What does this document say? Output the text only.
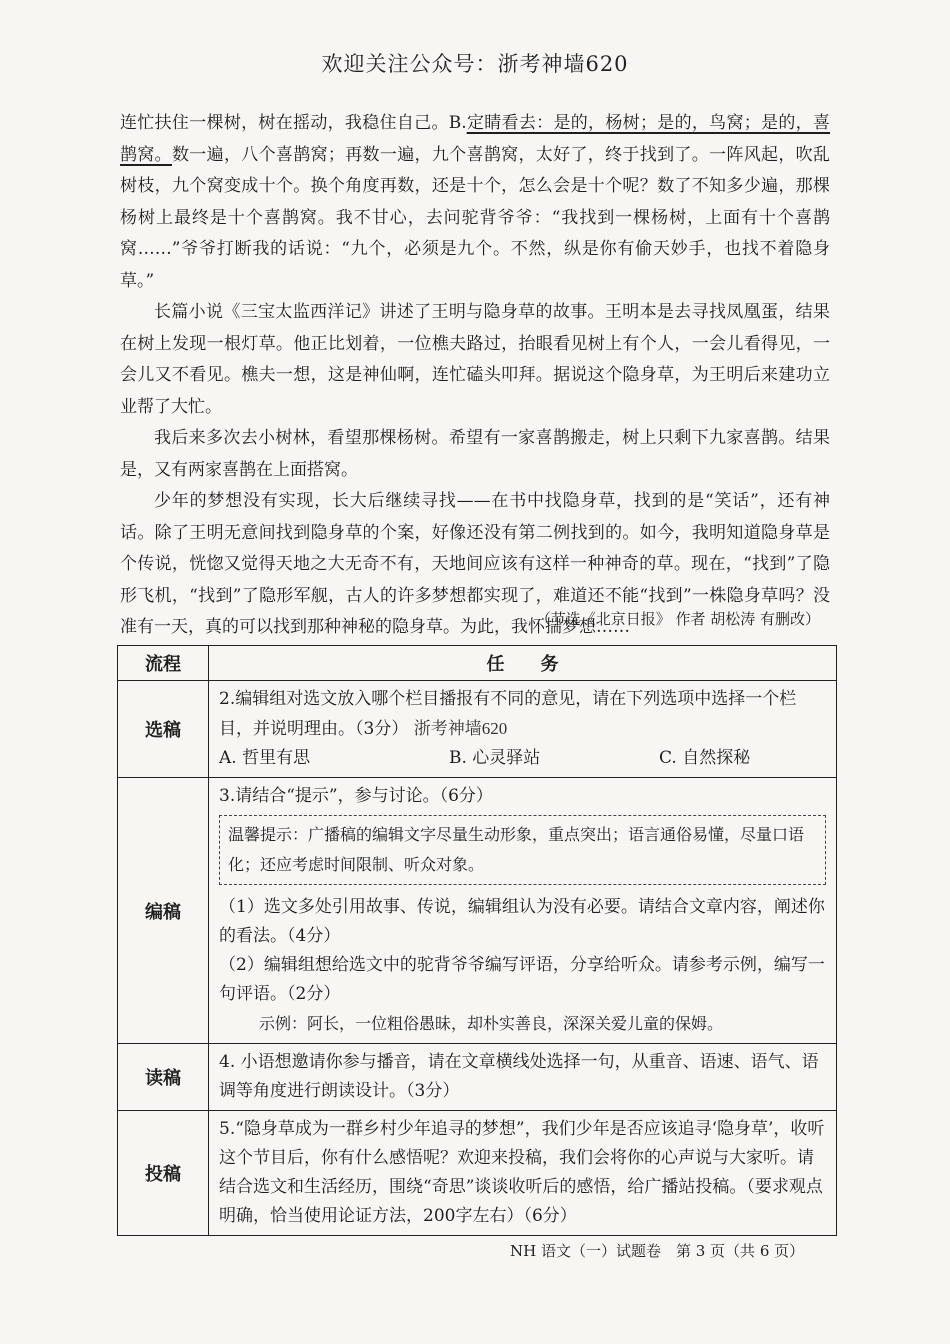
欢迎关注公众号：浙考神墙620

连忙扶住一棵树，树在摇动，我稳住自己。B.定睛看去：是的，杨树；是的，鸟窝；是的，喜鹊窝。数一遍，八个喜鹊窝；再数一遍，九个喜鹊窝，太好了，终于找到了。一阵风起，吹乱树枝，九个窝变成十个。换个角度再数，还是十个，怎么会是十个呢？数了不知多少遍，那棵杨树上最终是十个喜鹊窝。我不甘心，去问驼背爷爷：“我找到一棵杨树，上面有十个喜鹊窝……”爷爷打断我的话说：“九个，必须是九个。不然，纵是你有偷天妙手，也找不着隐身草。”

长篇小说《三宝太监西洋记》讲述了王明与隐身草的故事。王明本是去寻找凤凰蛋，结果在树上发现一根灯草。他正比划着，一位樵夫路过，抬眼看见树上有个人，一会儿看得见，一会儿又不看见。樵夫一想，这是神仙啊，连忙磕头叩拜。据说这个隐身草，为王明后来建功立业帮了大忙。

我后来多次去小树林，看望那棵杨树。希望有一家喜鹊搬走，树上只剩下九家喜鹊。结果是，又有两家喜鹊在上面搭窝。

少年的梦想没有实现，长大后继续寻找——在书中找隐身草，找到的是“笑话”，还有神话。除了王明无意间找到隐身草的个案，好像还没有第二例找到的。如今，我明知道隐身草是个传说，恍惚又觉得天地之大无奇不有，天地间应该有这样一种神奇的草。现在，“找到”了隐形飞机，“找到”了隐形军舰，古人的许多梦想都实现了，难道还不能“找到”一株隐身草吗？没准有一天，真的可以找到那种神秘的隐身草。为此，我怀揣梦想……

（节选《北京日报》 作者 胡松涛 有删改）
流程	任　　务
选稿	2.编辑组对选文放入哪个栏目播报有不同的意见，请在下列选项中选择一个栏目，并说明理由。（3分） 浙考神墙620
A. 哲里有思 B. 心灵驿站 C. 自然探秘

编稿	3.请结合“提示”，参与讨论。（6分）
温馨提示：广播稿的编辑文字尽量生动形象，重点突出；语言通俗易懂，尽量口语化；还应考虑时间限制、听众对象。
（1）选文多处引用故事、传说，编辑组认为没有必要。请结合文章内容，阐述你的看法。（4分）
（2）编辑组想给选文中的驼背爷爷编写评语，分享给听众。请参考示例，编写一句评语。（2分）
示例：阿长，一位粗俗愚昧，却朴实善良，深深关爱儿童的保姆。

读稿	4. 小语想邀请你参与播音，请在文章横线处选择一句，从重音、语速、语气、语调等角度进行朗读设计。（3分）
投稿	5.“隐身草成为一群乡村少年追寻的梦想”，我们少年是否应该追寻‘隐身草’，收听这个节目后，你有什么感悟呢？欢迎来投稿，我们会将你的心声说与大家听。请结合选文和生活经历，围绕“奇思”谈谈收听后的感悟，给广播站投稿。（要求观点明确，恰当使用论证方法，200字左右）（6分）
NH 语文（一）试题卷　第 3 页（共 6 页）
